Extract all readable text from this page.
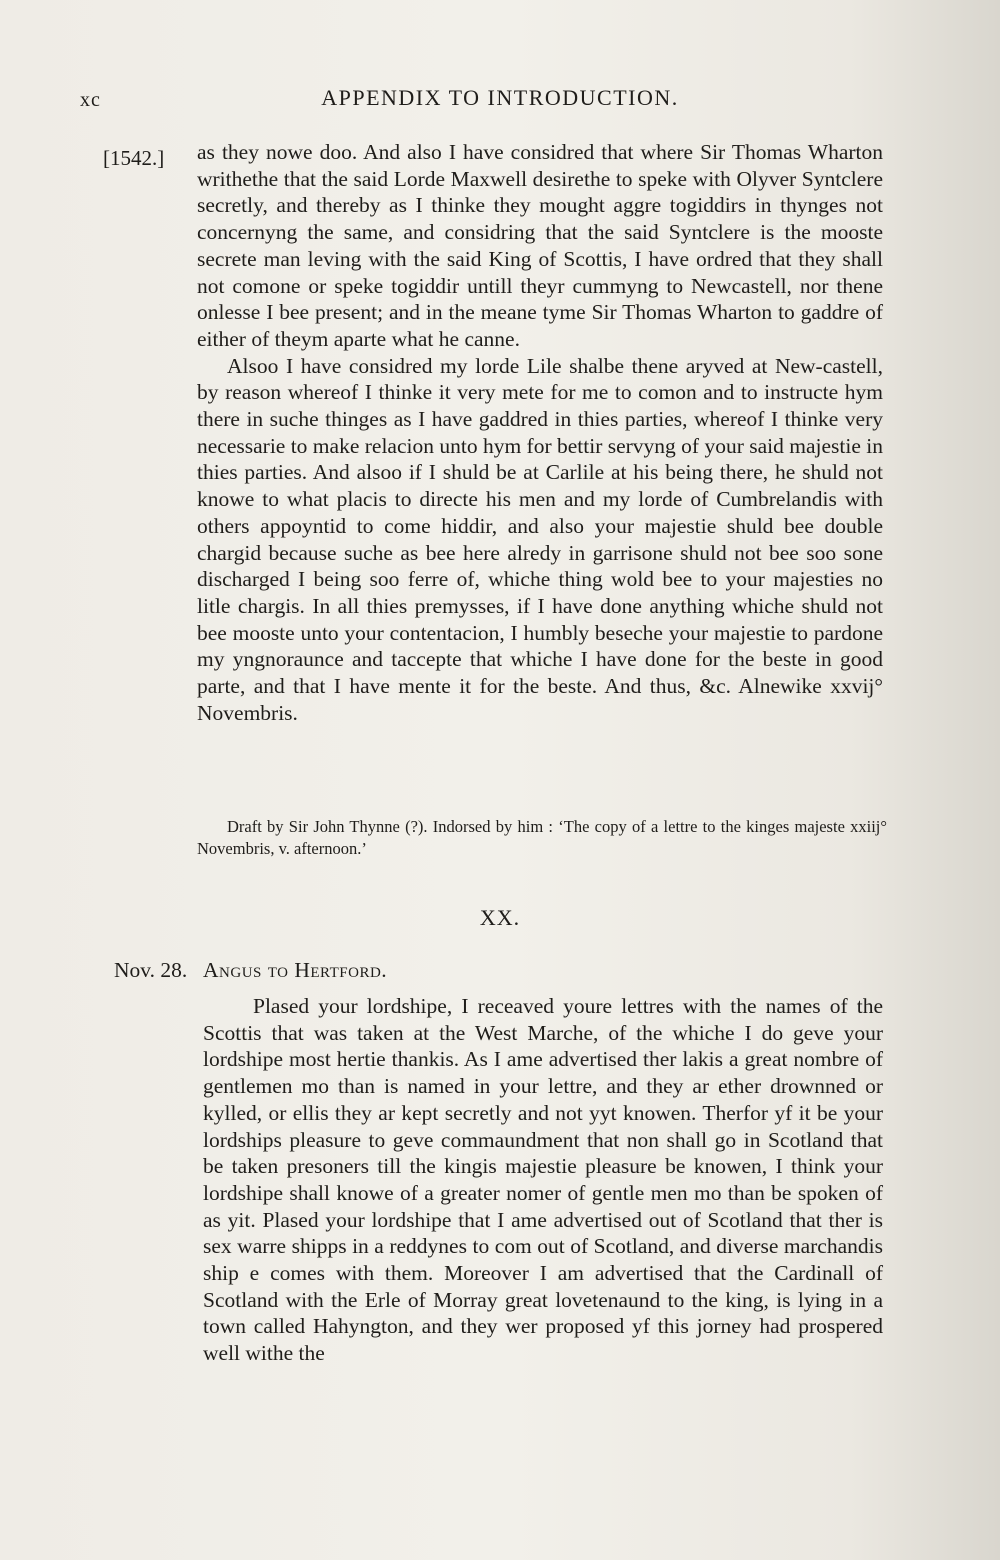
xc	APPENDIX TO INTRODUCTION.
[1542.] as they nowe doo. And also I have considred that where Sir Thomas Wharton writhethe that the said Lorde Maxwell desirethe to speke with Olyver Syntclere secretly, and thereby as I thinke they mought aggre togiddirs in thynges not concernyng the same, and considring that the said Syntclere is the mooste secrete man leving with the said King of Scottis, I have ordred that they shall not comone or speke togiddir untill theyr cummyng to Newcastell, nor thene onlesse I bee present; and in the meane tyme Sir Thomas Wharton to gaddre of either of theym aparte what he canne.

Alsoo I have considred my lorde Lile shalbe thene aryved at New-castell, by reason whereof I thinke it very mete for me to comon and to instructe hym there in suche thinges as I have gaddred in thies parties, whereof I thinke very necessarie to make relacion unto hym for bettir servyng of your said majestie in thies parties. And alsoo if I shuld be at Carlile at his being there, he shuld not knowe to what placis to directe his men and my lorde of Cumbrelandis with others appoyntid to come hiddir, and also your majestie shuld bee double chargid because suche as bee here alredy in garrisone shuld not bee soo sone discharged I being soo ferre of, whiche thing wold bee to your majesties no litle chargis. In all thies premysses, if I have done anything whiche shuld not bee mooste unto your contentacion, I humbly beseche your majestie to pardone my yngnoraunce and taccepte that whiche I have done for the beste in good parte, and that I have mente it for the beste. And thus, &c. Alnewike xxvij° Novembris.

Draft by Sir John Thynne (?). Indorsed by him : ‘The copy of a lettre to the kinges majeste xxiij° Novembris, v. afternoon.’
XX.
Nov. 28. Angus to Hertford.

Plased your lordshipe, I receaved youre lettres with the names of the Scottis that was taken at the West Marche, of the whiche I do geve your lordshipe most hertie thankis. As I ame advertised ther lakis a great nombre of gentlemen mo than is named in your lettre, and they ar ether drownned or kylled, or ellis they ar kept secretly and not yyt knowen. Therfor yf it be your lordships pleasure to geve commaundment that non shall go in Scotland that be taken presoners till the kingis majestie pleasure be knowen, I think your lordshipe shall knowe of a greater nomer of gentle men mo than be spoken of as yit. Plased your lordshipe that I ame advertised out of Scotland that ther is sex warre shipps in a reddynes to com out of Scotland, and diverse marchandis ship e comes with them. Moreover I am advertised that the Cardinall of Scotland with the Erle of Morray great lovetenaund to the king, is lying in a town called Hahyngton, and they wer proposed yf this jorney had prospered well withe the
